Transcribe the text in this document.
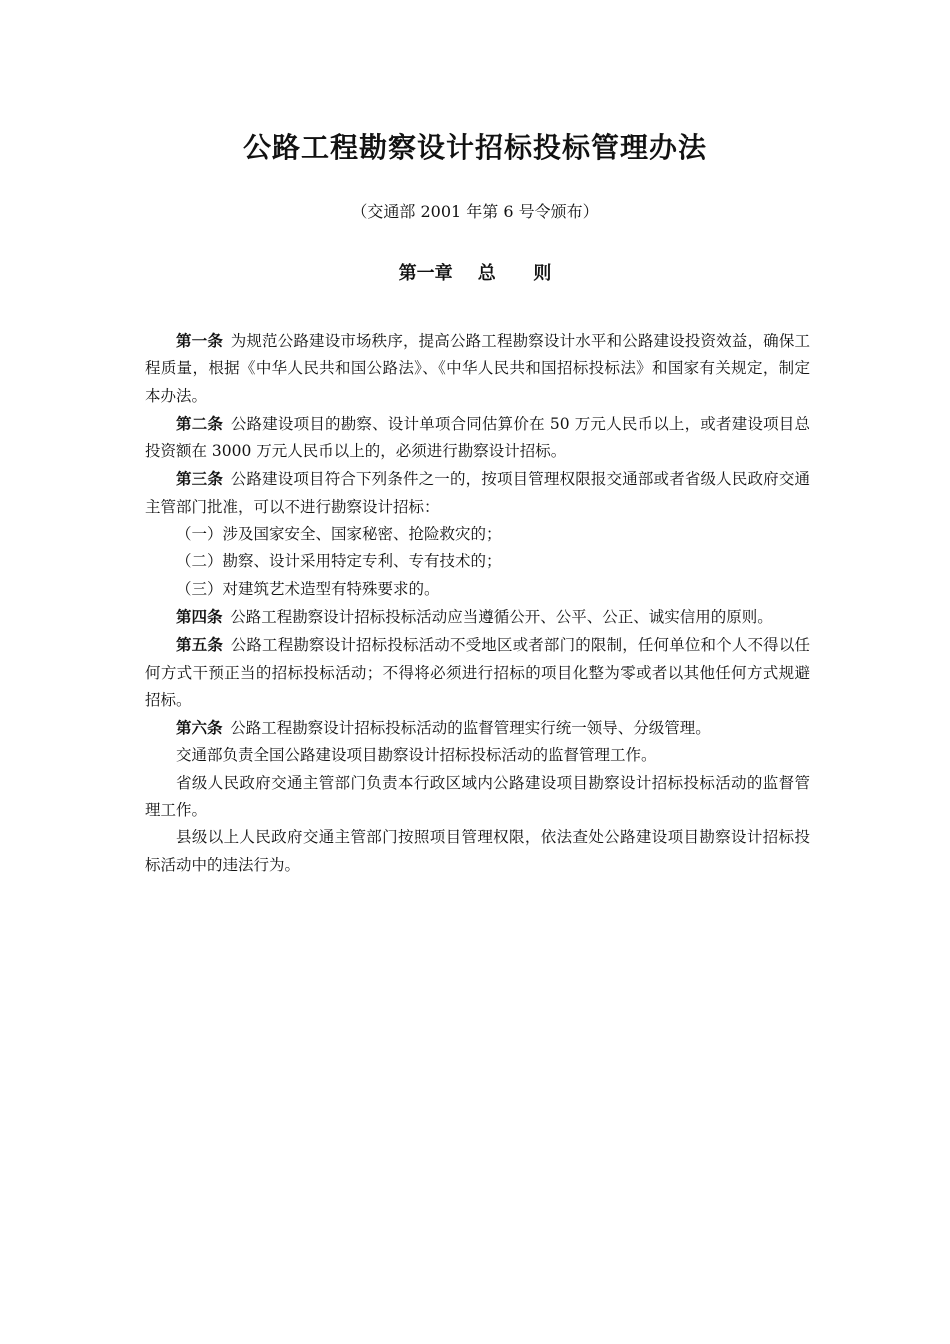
公路工程勘察设计招标投标管理办法
（交通部 2001 年第 6 号令颁布）
第一章    总      则

第一条 为规范公路建设市场秩序，提高公路工程勘察设计水平和公路建设投资效益，确保工程质量，根据《中华人民共和国公路法》、《中华人民共和国招标投标法》和国家有关规定，制定本办法。

第二条 公路建设项目的勘察、设计单项合同估算价在 50 万元人民币以上，或者建设项目总投资额在 3000 万元人民币以上的，必须进行勘察设计招标。

第三条 公路建设项目符合下列条件之一的，按项目管理权限报交通部或者省级人民政府交通主管部门批准，可以不进行勘察设计招标：

（一）涉及国家安全、国家秘密、抢险救灾的；

（二）勘察、设计采用特定专利、专有技术的；

（三）对建筑艺术造型有特殊要求的。

第四条 公路工程勘察设计招标投标活动应当遵循公开、公平、公正、诚实信用的原则。

第五条 公路工程勘察设计招标投标活动不受地区或者部门的限制，任何单位和个人不得以任何方式干预正当的招标投标活动；不得将必须进行招标的项目化整为零或者以其他任何方式规避招标。

第六条 公路工程勘察设计招标投标活动的监督管理实行统一领导、分级管理。

交通部负责全国公路建设项目勘察设计招标投标活动的监督管理工作。

省级人民政府交通主管部门负责本行政区域内公路建设项目勘察设计招标投标活动的监督管理工作。

县级以上人民政府交通主管部门按照项目管理权限，依法查处公路建设项目勘察设计招标投标活动中的违法行为。
